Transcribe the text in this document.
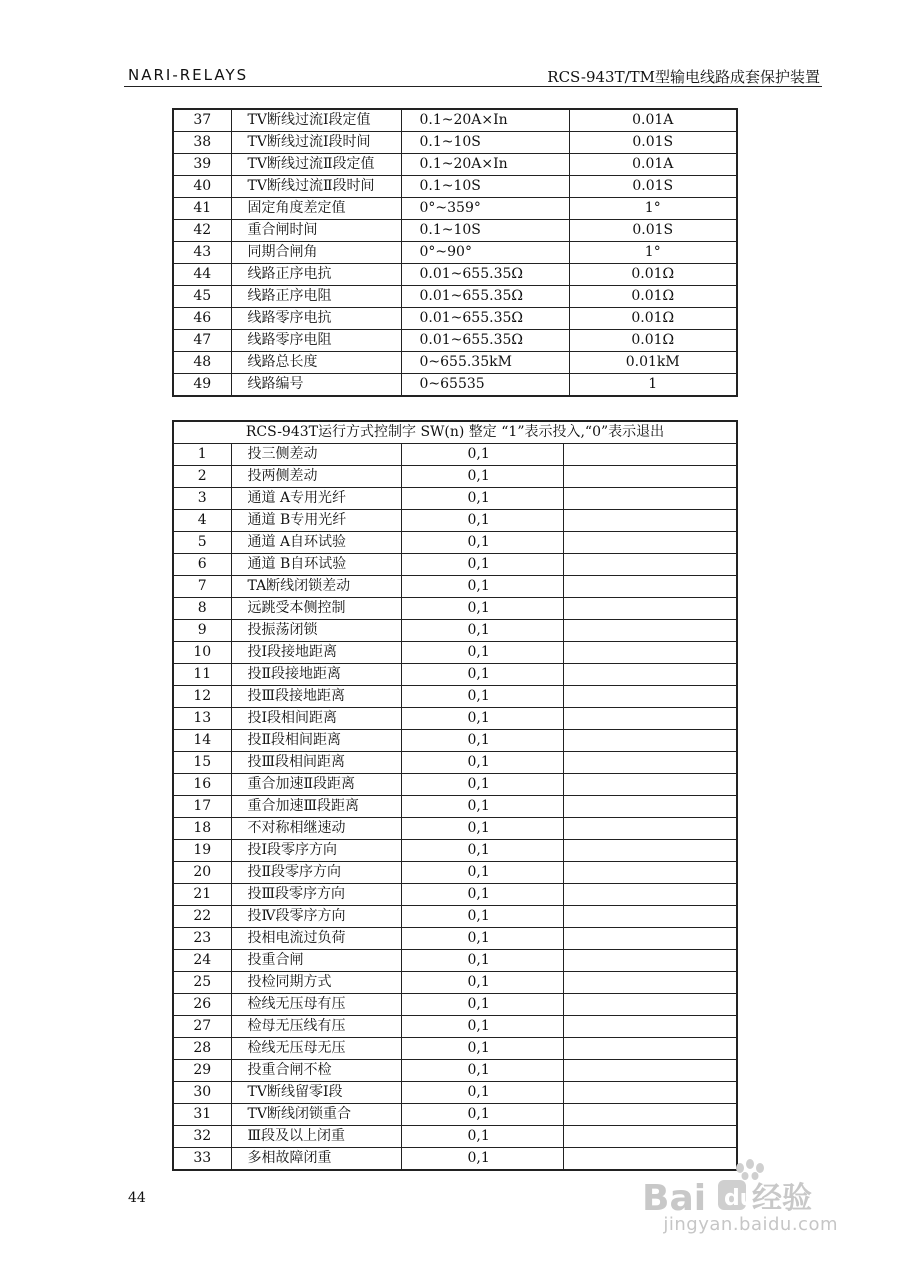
NARI-RELAYS	RCS-943T/TM型输电线路成套保护装置
37	TV断线过流Ⅰ段定值	0.1~20A×In	0.01A
38	TV断线过流Ⅰ段时间	0.1~10S	0.01S
39	TV断线过流Ⅱ段定值	0.1~20A×In	0.01A
40	TV断线过流Ⅱ段时间	0.1~10S	0.01S
41	固定角度差定值	0°~359°	1°
42	重合闸时间	0.1~10S	0.01S
43	同期合闸角	0°~90°	1°
44	线路正序电抗	0.01~655.35Ω	0.01Ω
45	线路正序电阻	0.01~655.35Ω	0.01Ω
46	线路零序电抗	0.01~655.35Ω	0.01Ω
47	线路零序电阻	0.01~655.35Ω	0.01Ω
48	线路总长度	0~655.35kM	0.01kM
49	线路编号	0~65535	1
RCS-943T运行方式控制字 SW(n) 整定 “1”表示投入,“0”表示退出			
1	投三侧差动	0,1	
2	投两侧差动	0,1	
3	通道 A专用光纤	0,1	
4	通道 B专用光纤	0,1	
5	通道 A自环试验	0,1	
6	通道 B自环试验	0,1	
7	TA断线闭锁差动	0,1	
8	远跳受本侧控制	0,1	
9	投振荡闭锁	0,1	
10	投Ⅰ段接地距离	0,1	
11	投Ⅱ段接地距离	0,1	
12	投Ⅲ段接地距离	0,1	
13	投Ⅰ段相间距离	0,1	
14	投Ⅱ段相间距离	0,1	
15	投Ⅲ段相间距离	0,1	
16	重合加速Ⅱ段距离	0,1	
17	重合加速Ⅲ段距离	0,1	
18	不对称相继速动	0,1	
19	投Ⅰ段零序方向	0,1	
20	投Ⅱ段零序方向	0,1	
21	投Ⅲ段零序方向	0,1	
22	投Ⅳ段零序方向	0,1	
23	投相电流过负荷	0,1	
24	投重合闸	0,1	
25	投检同期方式	0,1	
26	检线无压母有压	0,1	
27	检母无压线有压	0,1	
28	检线无压母无压	0,1	
29	投重合闸不检	0,1	
30	TV断线留零Ⅰ段	0,1	
31	TV断线闭锁重合	0,1	
32	Ⅲ段及以上闭重	0,1	
33	多相故障闭重	0,1	
44	Bai du
经验
jingyan.baidu.com
